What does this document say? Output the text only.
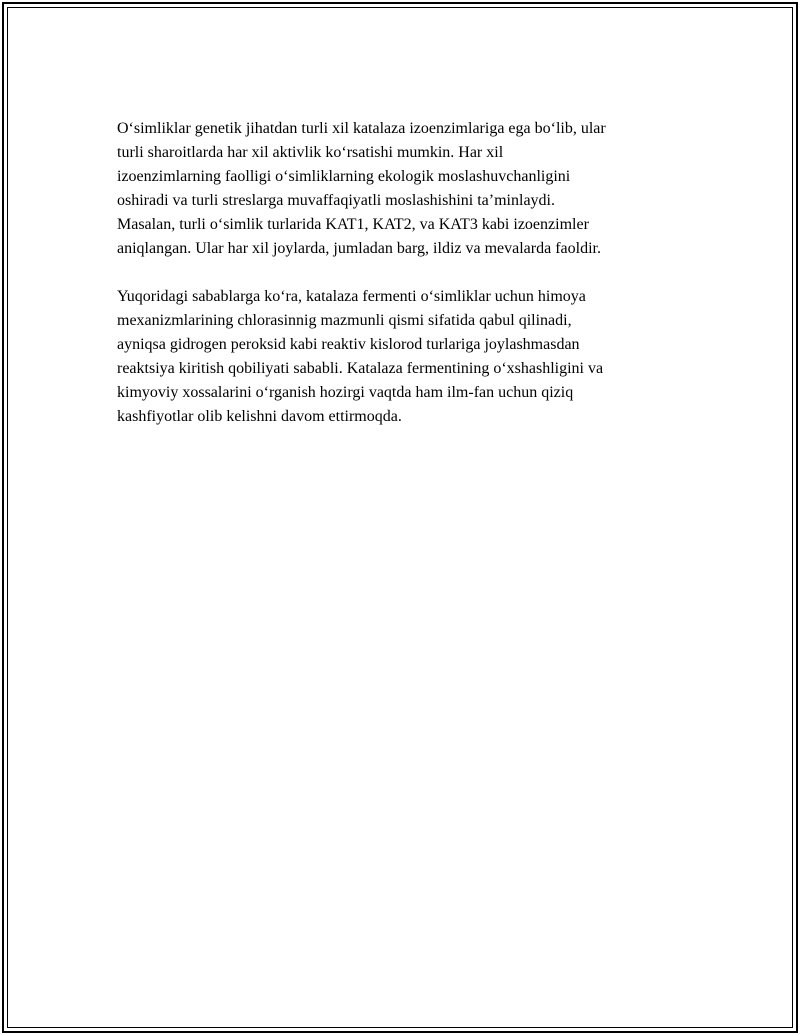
O‘simliklar genetik jihatdan turli xil katalaza izoenzimlariga ega bo‘lib, ular
turli sharoitlarda har xil aktivlik ko‘rsatishi mumkin. Har xil
izoenzimlarning faolligi o‘simliklarning ekologik moslashuvchanligini
oshiradi va turli streslarga muvaffaqiyatli moslashishini ta’minlaydi.
Masalan, turli o‘simlik turlarida KAT1, KAT2, va KAT3 kabi izoenzimler
aniqlangan. Ular har xil joylarda, jumladan barg, ildiz va mevalarda faoldir.

Yuqoridagi sabablarga ko‘ra, katalaza fermenti o‘simliklar uchun himoya
mexanizmlarining chlorasinnig mazmunli qismi sifatida qabul qilinadi,
ayniqsa gidrogen peroksid kabi reaktiv kislorod turlariga joylashmasdan
reaktsiya kiritish qobiliyati sababli. Katalaza fermentining o‘xshashligini va
kimyoviy xossalarini o‘rganish hozirgi vaqtda ham ilm-fan uchun qiziq
kashfiyotlar olib kelishni davom ettirmoqda.
